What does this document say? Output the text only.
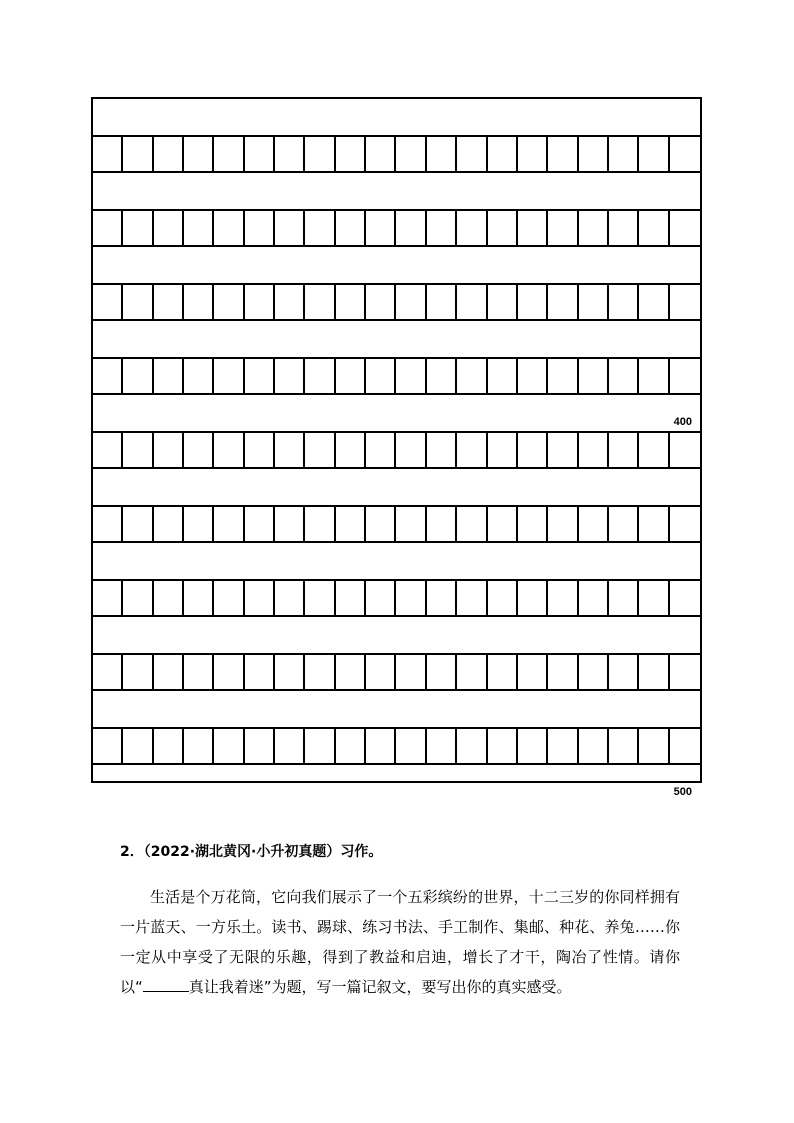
400
500
2．（2022·湖北黄冈·小升初真题）习作。
生活是个万花筒，它向我们展示了一个五彩缤纷的世界，十二三岁的你同样拥有一片蓝天、一方乐土。读书、踢球、练习书法、手工制作、集邮、种花、养兔……你一定从中享受了无限的乐趣，得到了教益和启迪，增长了才干，陶冶了性情。请你以“	真让我着迷”为题，写一篇记叙文，要写出你的真实感受。
